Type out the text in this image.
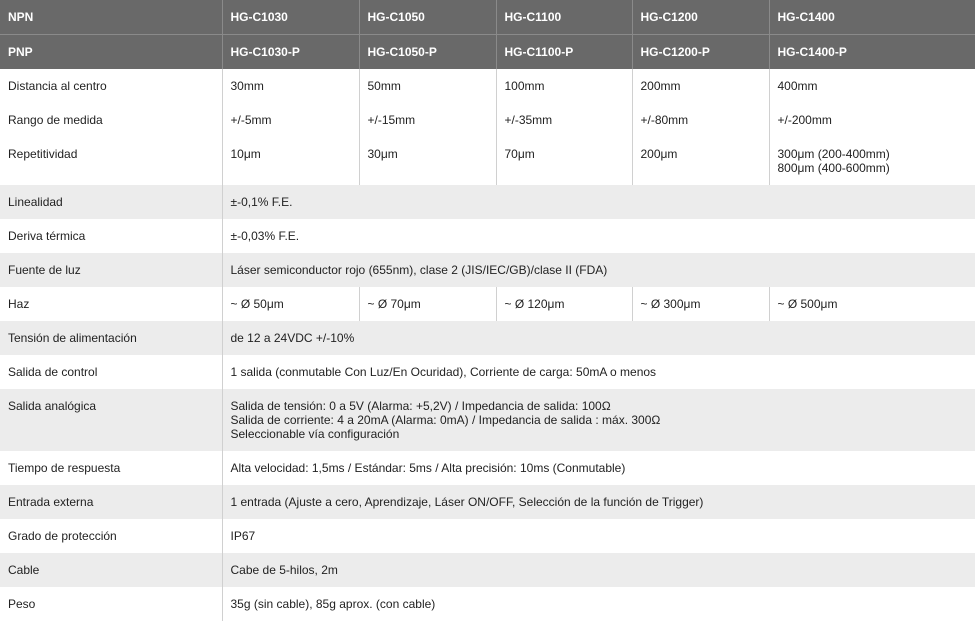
NPN	HG-C1030	HG-C1050	HG-C1100	HG-C1200	HG-C1400
PNP	HG-C1030-P	HG-C1050-P	HG-C1100-P	HG-C1200-P	HG-C1400-P
Distancia al centro	30mm	50mm	100mm	200mm	400mm
Rango de medida	+/-5mm	+/-15mm	+/-35mm	+/-80mm	+/-200mm
Repetitividad	10μm	30μm	70μm	200μm	300μm (200-400mm)
800μm (400-600mm)

Linealidad	±-0,1% F.E.				
Deriva térmica	±-0,03% F.E.				
Fuente de luz	Láser semiconductor rojo (655nm), clase 2 (JIS/IEC/GB)/clase II (FDA)				
Haz	~ Ø 50μm	~ Ø 70μm	~ Ø 120μm	~ Ø 300μm	~ Ø 500μm
Tensión de alimentación	de 12 a 24VDC +/-10%				
Salida de control	1 salida (conmutable Con Luz/En Ocuridad), Corriente de carga: 50mA o menos				
Salida analógica	Salida de tensión: 0 a 5V (Alarma: +5,2V) / Impedancia de salida: 100Ω
Salida de corriente: 4 a 20mA (Alarma: 0mA) / Impedancia de salida : máx. 300Ω
Seleccionable vía configuración				

Tiempo de respuesta	Alta velocidad: 1,5ms / Estándar: 5ms / Alta precisión: 10ms (Conmutable)				
Entrada externa	1 entrada (Ajuste a cero, Aprendizaje, Láser ON/OFF, Selección de la función de Trigger)				
Grado de protección	IP67				
Cable	Cabe de 5-hilos, 2m				
Peso	35g (sin cable), 85g aprox. (con cable)				
